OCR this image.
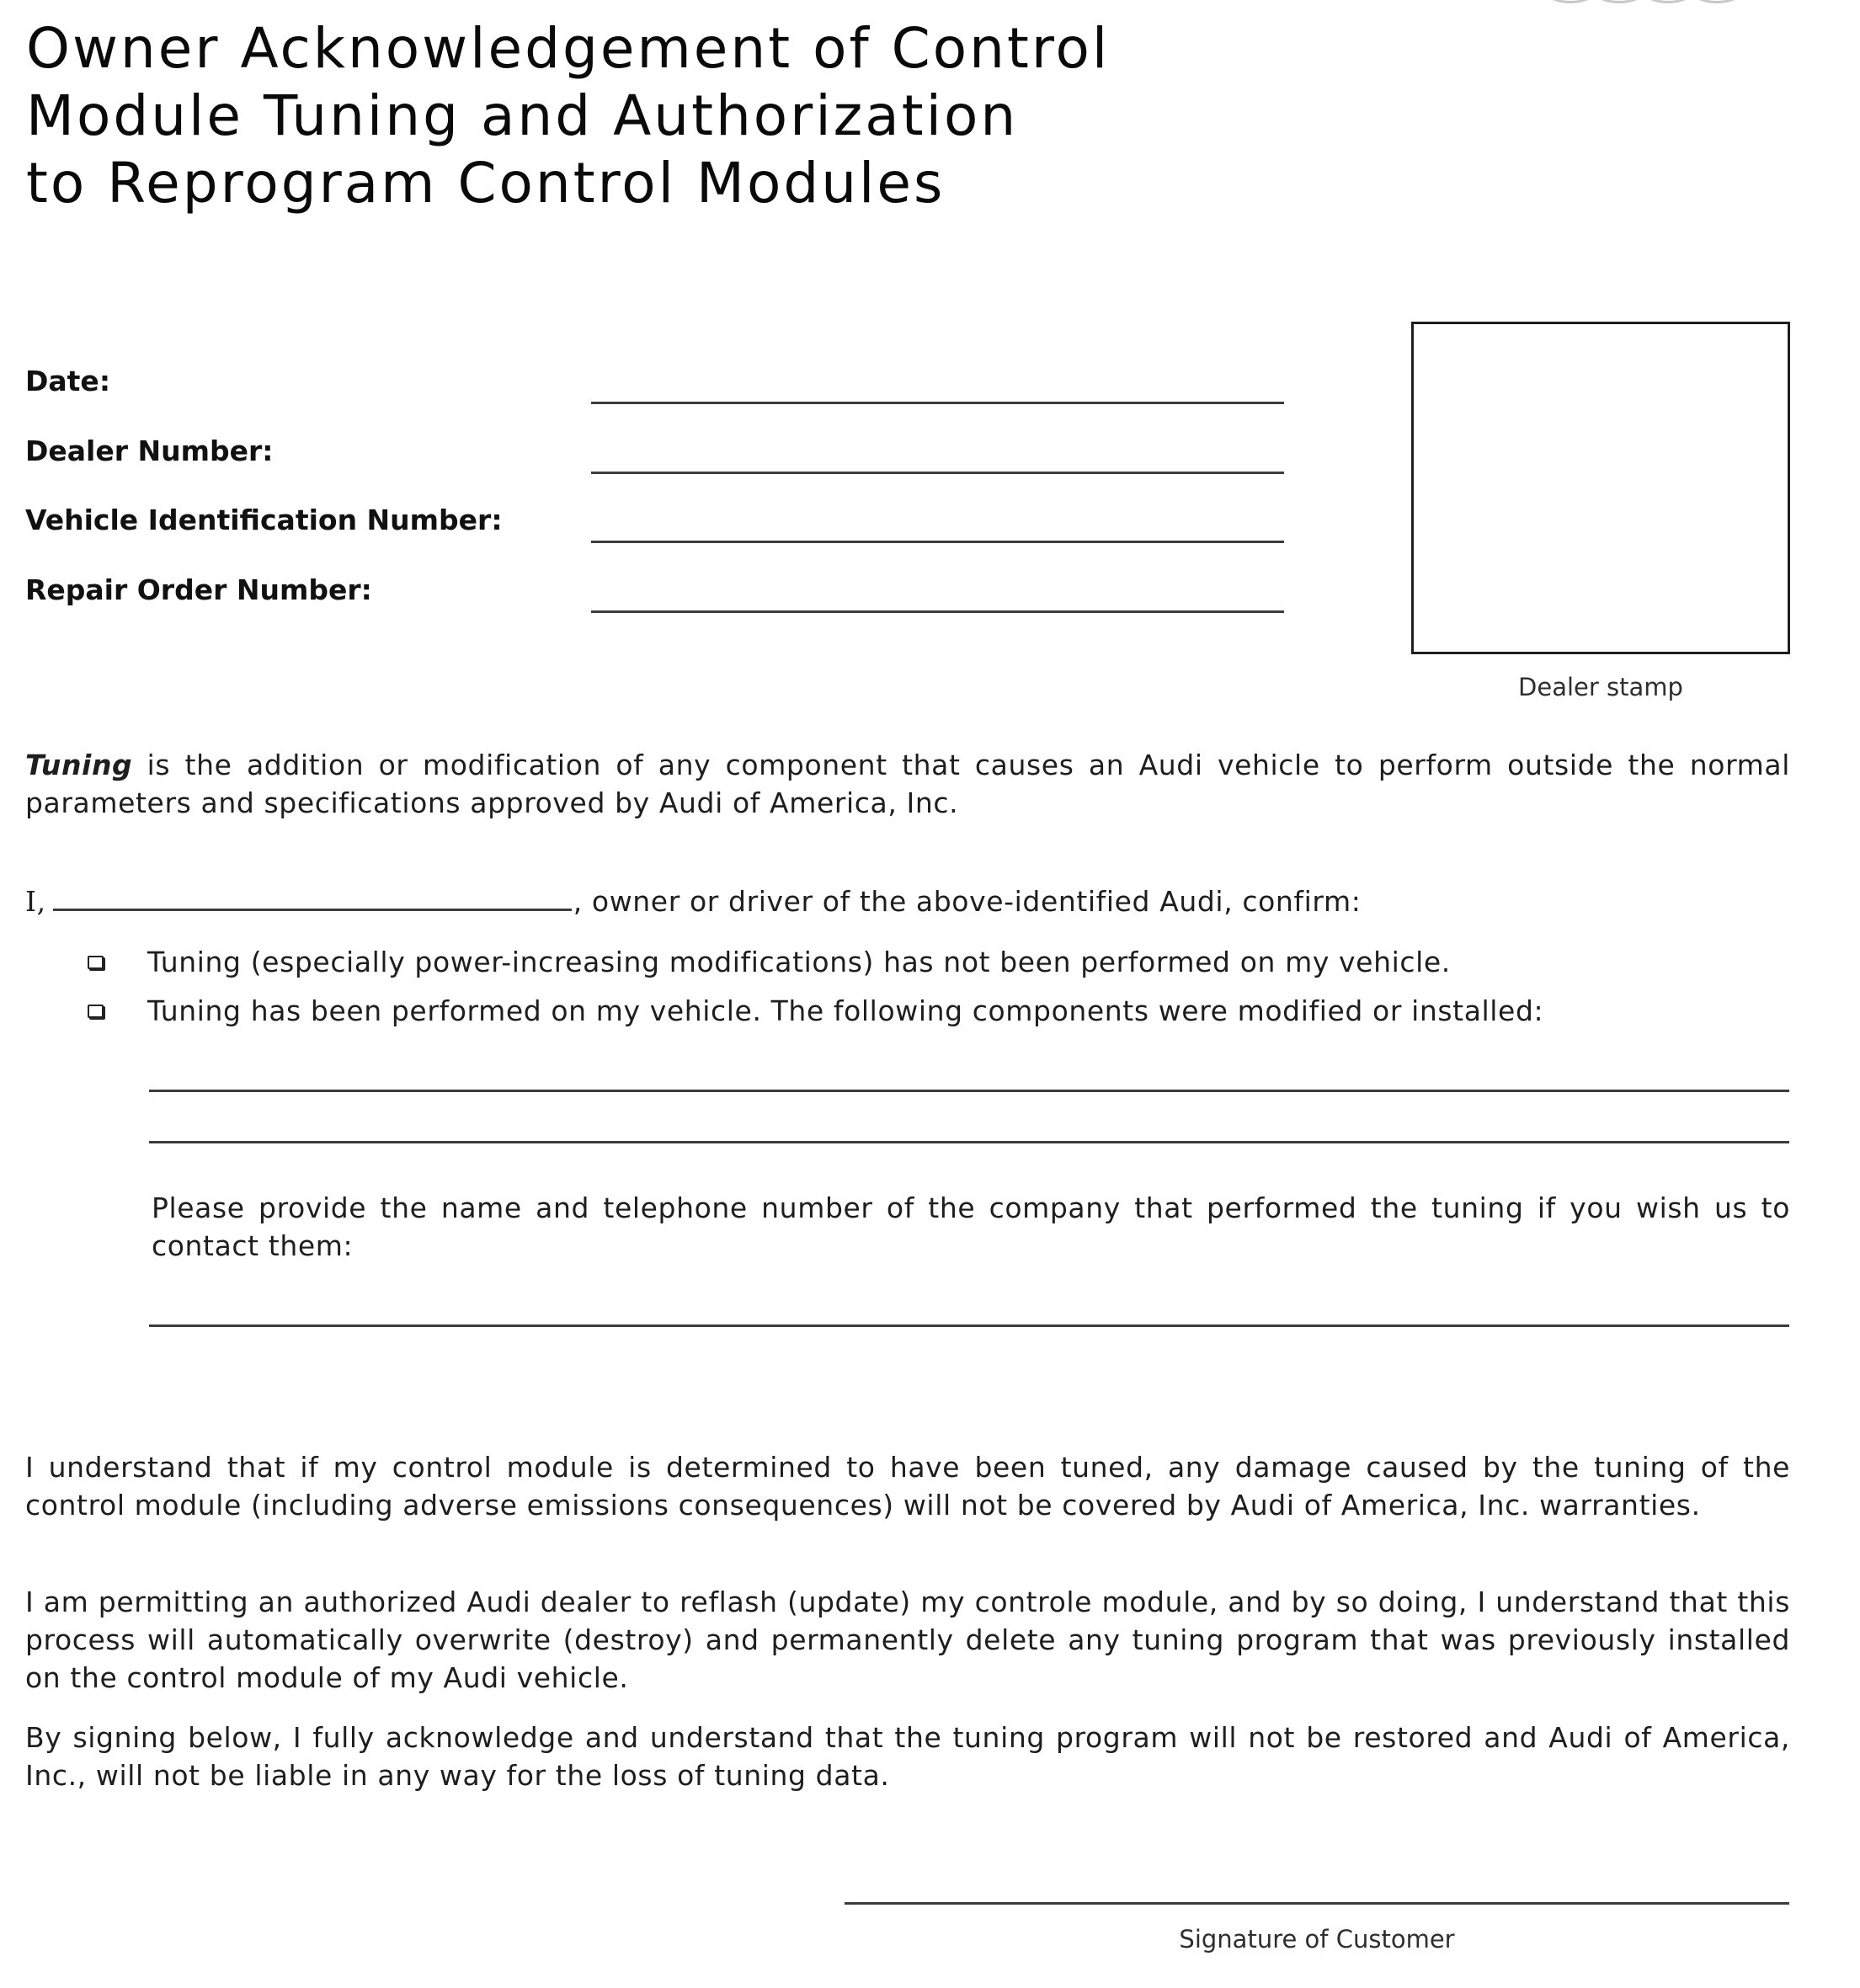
Owner Acknowledgement of Control
Module Tuning and Authorization
to Reprogram Control Modules
Date:
Dealer Number:
Vehicle Identification Number:
Repair Order Number:
Dealer stamp

Tuning is the addition or modification of any component that causes an Audi vehicle to perform outside the normal parameters and specifications approved by Audi of America, Inc.

I,	, owner or driver of the above-identified Audi, confirm:
Tuning (especially power-increasing modifications) has not been performed on my vehicle.
Tuning has been performed on my vehicle. The following components were modified or installed:

Please provide the name and telephone number of the company that performed the tuning if you wish us to contact them:

I understand that if my control module is determined to have been tuned, any damage caused by the tuning of the control module (including adverse emissions consequences) will not be covered by Audi of America, Inc. warranties.

I am permitting an authorized Audi dealer to reflash (update) my controle module, and by so doing, I understand that this process will automatically overwrite (destroy) and permanently delete any tuning program that was previously installed on the control module of my Audi vehicle.

By signing below, I fully acknowledge and understand that the tuning program will not be restored and Audi of America, Inc., will not be liable in any way for the loss of tuning data.

Signature of Customer
